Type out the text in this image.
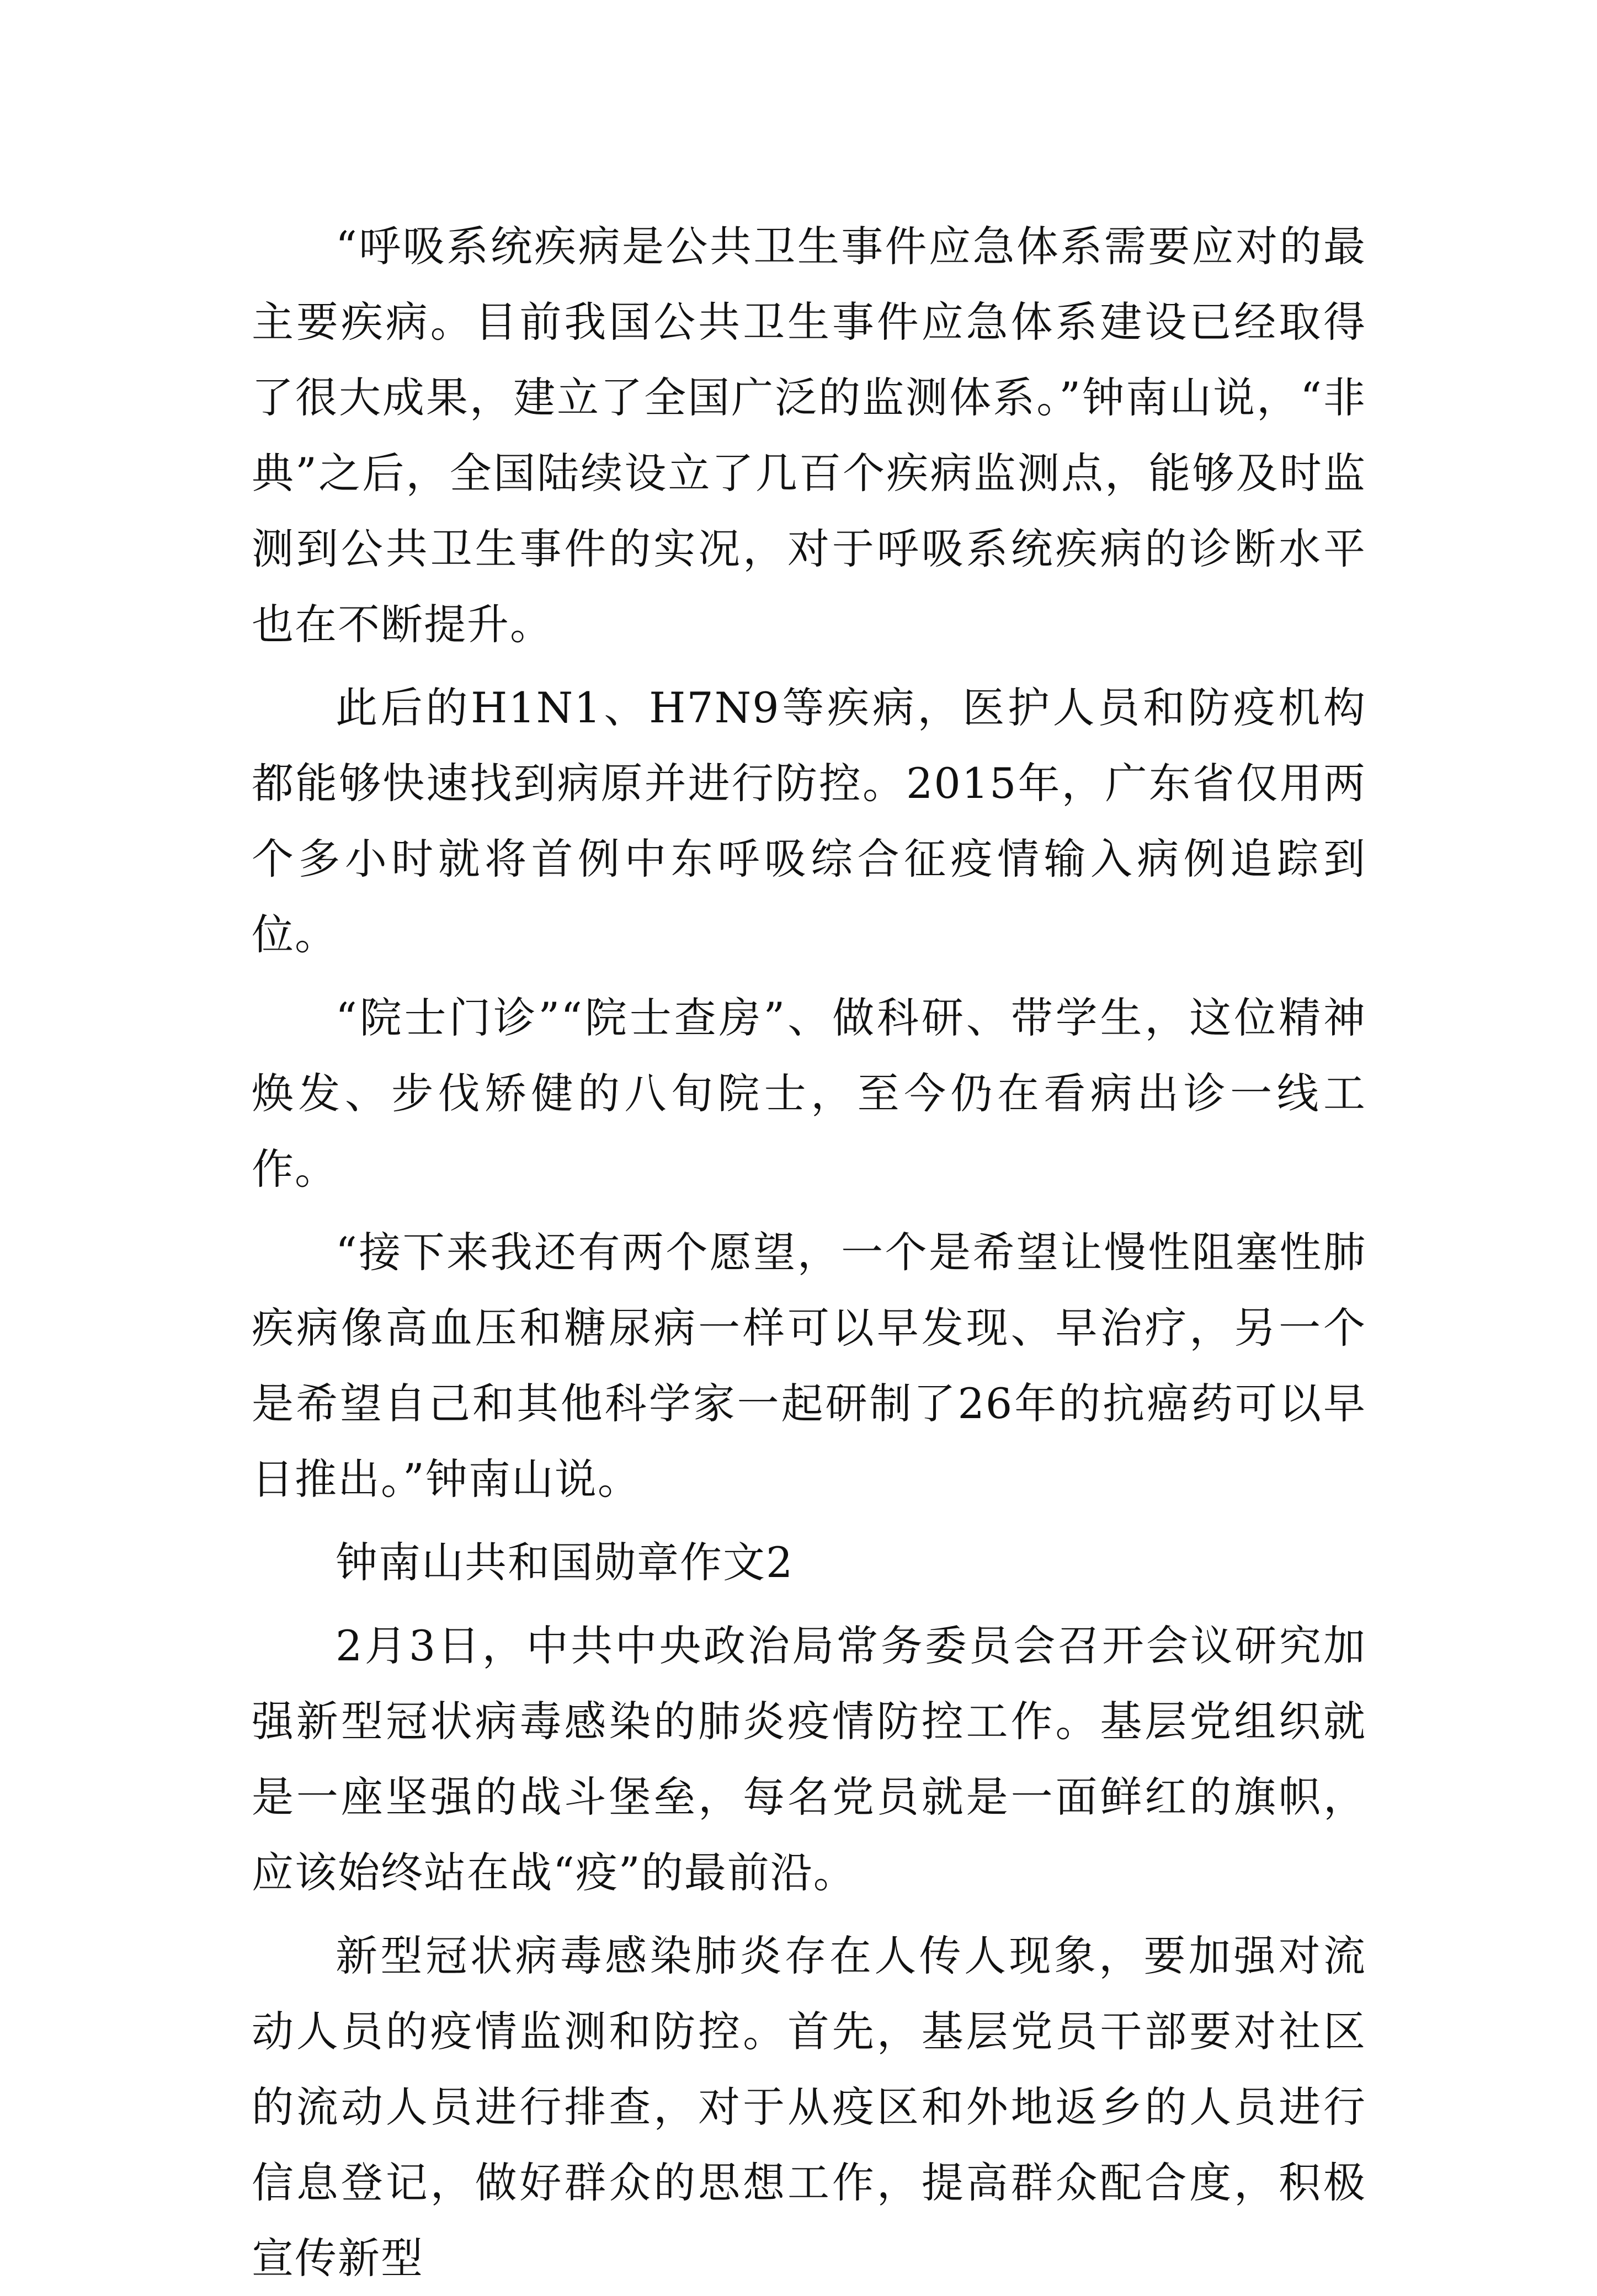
“呼吸系统疾病是公共卫生事件应急体系需要应对的最主要疾病。目前我国公共卫生事件应急体系建设已经取得了很大成果，建立了全国广泛的监测体系。”钟南山说，“非典”之后，全国陆续设立了几百个疾病监测点，能够及时监测到公共卫生事件的实况，对于呼吸系统疾病的诊断水平也在不断提升。

此后的H1N1、H7N9等疾病，医护人员和防疫机构都能够快速找到病原并进行防控。2015年，广东省仅用两个多小时就将首例中东呼吸综合征疫情输入病例追踪到位。

“院士门诊”“院士查房”、做科研、带学生，这位精神焕发、步伐矫健的八旬院士，至今仍在看病出诊一线工作。

“接下来我还有两个愿望，一个是希望让慢性阻塞性肺疾病像高血压和糖尿病一样可以早发现、早治疗，另一个是希望自己和其他科学家一起研制了26年的抗癌药可以早日推出。”钟南山说。

钟南山共和国勋章作文2

2月3日，中共中央政治局常务委员会召开会议研究加强新型冠状病毒感染的肺炎疫情防控工作。基层党组织就是一座坚强的战斗堡垒，每名党员就是一面鲜红的旗帜，应该始终站在战“疫”的最前沿。

新型冠状病毒感染肺炎存在人传人现象，要加强对流动人员的疫情监测和防控。首先，基层党员干部要对社区的流动人员进行排查，对于从疫区和外地返乡的人员进行信息登记，做好群众的思想工作，提高群众配合度，积极宣传新型
